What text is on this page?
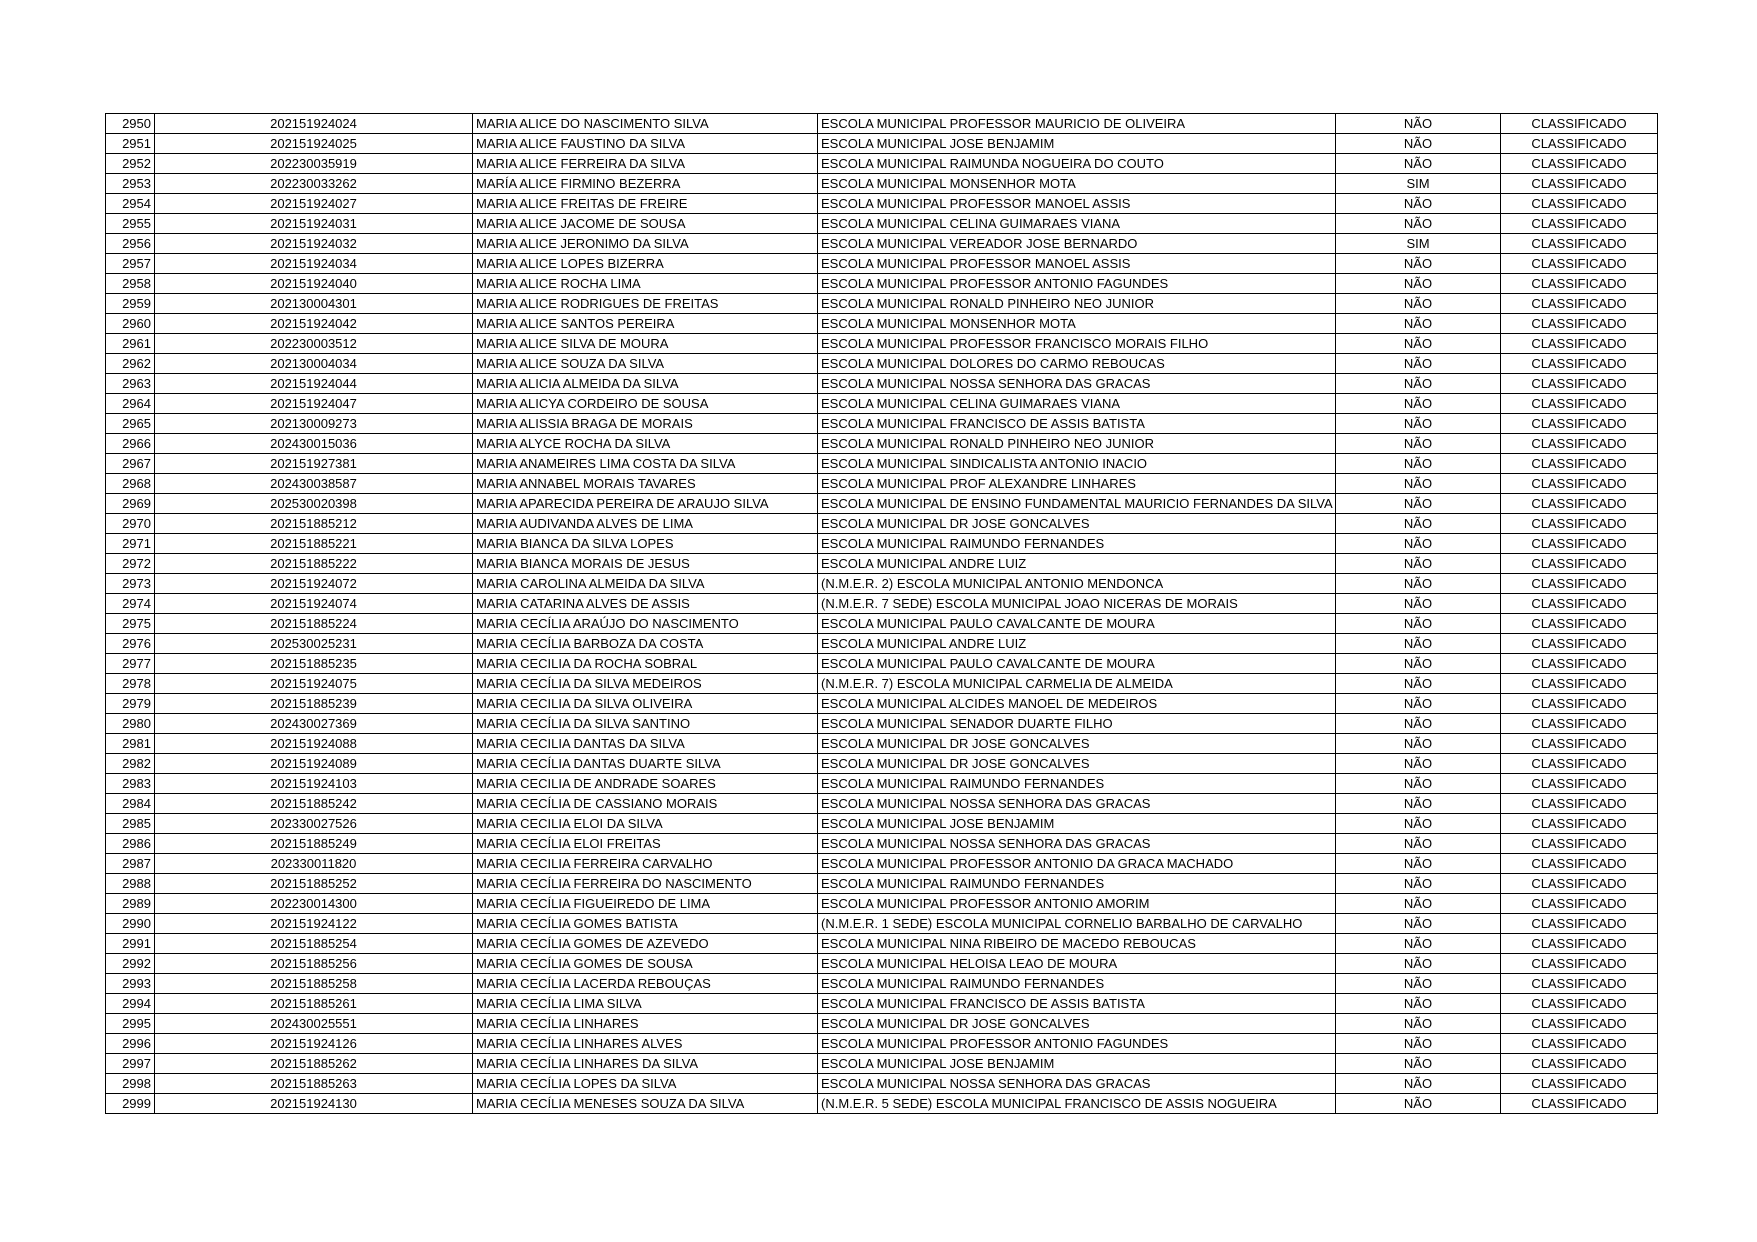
2950	202151924024	MARIA ALICE DO NASCIMENTO SILVA	ESCOLA MUNICIPAL PROFESSOR MAURICIO DE OLIVEIRA	NÃO	CLASSIFICADO
2951	202151924025	MARIA ALICE FAUSTINO DA SILVA	ESCOLA MUNICIPAL JOSE BENJAMIM	NÃO	CLASSIFICADO
2952	202230035919	MARIA ALICE FERREIRA DA SILVA	ESCOLA MUNICIPAL RAIMUNDA NOGUEIRA DO COUTO	NÃO	CLASSIFICADO
2953	202230033262	MARÍA ALICE FIRMINO BEZERRA	ESCOLA MUNICIPAL MONSENHOR MOTA	SIM	CLASSIFICADO
2954	202151924027	MARIA ALICE FREITAS DE FREIRE	ESCOLA MUNICIPAL PROFESSOR MANOEL ASSIS	NÃO	CLASSIFICADO
2955	202151924031	MARIA ALICE JACOME DE SOUSA	ESCOLA MUNICIPAL CELINA GUIMARAES VIANA	NÃO	CLASSIFICADO
2956	202151924032	MARIA ALICE JERONIMO DA SILVA	ESCOLA MUNICIPAL VEREADOR JOSE BERNARDO	SIM	CLASSIFICADO
2957	202151924034	MARIA ALICE LOPES BIZERRA	ESCOLA MUNICIPAL PROFESSOR MANOEL ASSIS	NÃO	CLASSIFICADO
2958	202151924040	MARIA ALICE ROCHA LIMA	ESCOLA MUNICIPAL PROFESSOR ANTONIO FAGUNDES	NÃO	CLASSIFICADO
2959	202130004301	MARIA ALICE RODRIGUES DE FREITAS	ESCOLA MUNICIPAL RONALD PINHEIRO NEO JUNIOR	NÃO	CLASSIFICADO
2960	202151924042	MARIA ALICE SANTOS PEREIRA	ESCOLA MUNICIPAL MONSENHOR MOTA	NÃO	CLASSIFICADO
2961	202230003512	MARIA ALICE SILVA DE MOURA	ESCOLA MUNICIPAL PROFESSOR FRANCISCO MORAIS FILHO	NÃO	CLASSIFICADO
2962	202130004034	MARIA ALICE SOUZA DA SILVA	ESCOLA MUNICIPAL DOLORES DO CARMO REBOUCAS	NÃO	CLASSIFICADO
2963	202151924044	MARIA ALICIA ALMEIDA DA SILVA	ESCOLA MUNICIPAL NOSSA SENHORA DAS GRACAS	NÃO	CLASSIFICADO
2964	202151924047	MARIA ALICYA CORDEIRO DE SOUSA	ESCOLA MUNICIPAL CELINA GUIMARAES VIANA	NÃO	CLASSIFICADO
2965	202130009273	MARIA ALISSIA BRAGA DE MORAIS	ESCOLA MUNICIPAL FRANCISCO DE ASSIS BATISTA	NÃO	CLASSIFICADO
2966	202430015036	MARIA ALYCE ROCHA DA SILVA	ESCOLA MUNICIPAL RONALD PINHEIRO NEO JUNIOR	NÃO	CLASSIFICADO
2967	202151927381	MARIA ANAMEIRES LIMA COSTA DA SILVA	ESCOLA MUNICIPAL SINDICALISTA ANTONIO INACIO	NÃO	CLASSIFICADO
2968	202430038587	MARIA ANNABEL MORAIS TAVARES	ESCOLA MUNICIPAL PROF ALEXANDRE LINHARES	NÃO	CLASSIFICADO
2969	202530020398	MARIA APARECIDA PEREIRA DE ARAUJO SILVA	ESCOLA MUNICIPAL DE ENSINO FUNDAMENTAL MAURICIO FERNANDES DA SILVA	NÃO	CLASSIFICADO
2970	202151885212	MARIA AUDIVANDA ALVES DE LIMA	ESCOLA MUNICIPAL DR JOSE GONCALVES	NÃO	CLASSIFICADO
2971	202151885221	MARIA BIANCA DA SILVA LOPES	ESCOLA MUNICIPAL RAIMUNDO FERNANDES	NÃO	CLASSIFICADO
2972	202151885222	MARIA BIANCA MORAIS DE JESUS	ESCOLA MUNICIPAL ANDRE LUIZ	NÃO	CLASSIFICADO
2973	202151924072	MARIA CAROLINA ALMEIDA DA SILVA	(N.M.E.R. 2) ESCOLA MUNICIPAL ANTONIO MENDONCA	NÃO	CLASSIFICADO
2974	202151924074	MARIA CATARINA ALVES DE ASSIS	(N.M.E.R. 7 SEDE) ESCOLA MUNICIPAL JOAO NICERAS DE MORAIS	NÃO	CLASSIFICADO
2975	202151885224	MARIA CECÍLIA ARAÚJO DO NASCIMENTO	ESCOLA MUNICIPAL PAULO CAVALCANTE DE MOURA	NÃO	CLASSIFICADO
2976	202530025231	MARIA CECÍLIA BARBOZA DA COSTA	ESCOLA MUNICIPAL ANDRE LUIZ	NÃO	CLASSIFICADO
2977	202151885235	MARIA CECILIA DA ROCHA SOBRAL	ESCOLA MUNICIPAL PAULO CAVALCANTE DE MOURA	NÃO	CLASSIFICADO
2978	202151924075	MARIA CECÍLIA DA SILVA MEDEIROS	(N.M.E.R. 7) ESCOLA MUNICIPAL CARMELIA DE ALMEIDA	NÃO	CLASSIFICADO
2979	202151885239	MARIA CECILIA DA SILVA OLIVEIRA	ESCOLA MUNICIPAL ALCIDES MANOEL DE MEDEIROS	NÃO	CLASSIFICADO
2980	202430027369	MARIA CECÍLIA DA SILVA SANTINO	ESCOLA MUNICIPAL SENADOR DUARTE FILHO	NÃO	CLASSIFICADO
2981	202151924088	MARIA CECILIA DANTAS DA SILVA	ESCOLA MUNICIPAL DR JOSE GONCALVES	NÃO	CLASSIFICADO
2982	202151924089	MARIA CECÍLIA DANTAS DUARTE SILVA	ESCOLA MUNICIPAL DR JOSE GONCALVES	NÃO	CLASSIFICADO
2983	202151924103	MARIA CECILIA DE ANDRADE SOARES	ESCOLA MUNICIPAL RAIMUNDO FERNANDES	NÃO	CLASSIFICADO
2984	202151885242	MARIA CECÍLIA DE CASSIANO MORAIS	ESCOLA MUNICIPAL NOSSA SENHORA DAS GRACAS	NÃO	CLASSIFICADO
2985	202330027526	MARIA CECILIA ELOI DA SILVA	ESCOLA MUNICIPAL JOSE BENJAMIM	NÃO	CLASSIFICADO
2986	202151885249	MARIA CECÍLIA ELOI FREITAS	ESCOLA MUNICIPAL NOSSA SENHORA DAS GRACAS	NÃO	CLASSIFICADO
2987	202330011820	MARIA CECILIA FERREIRA CARVALHO	ESCOLA MUNICIPAL PROFESSOR ANTONIO DA GRACA MACHADO	NÃO	CLASSIFICADO
2988	202151885252	MARIA CECÍLIA FERREIRA DO NASCIMENTO	ESCOLA MUNICIPAL RAIMUNDO FERNANDES	NÃO	CLASSIFICADO
2989	202230014300	MARIA CECÍLIA FIGUEIREDO DE LIMA	ESCOLA MUNICIPAL PROFESSOR ANTONIO AMORIM	NÃO	CLASSIFICADO
2990	202151924122	MARIA CECÍLIA GOMES BATISTA	(N.M.E.R. 1 SEDE) ESCOLA MUNICIPAL CORNELIO BARBALHO DE CARVALHO	NÃO	CLASSIFICADO
2991	202151885254	MARIA CECÍLIA GOMES DE AZEVEDO	ESCOLA MUNICIPAL NINA RIBEIRO DE MACEDO REBOUCAS	NÃO	CLASSIFICADO
2992	202151885256	MARIA CECÍLIA GOMES DE SOUSA	ESCOLA MUNICIPAL HELOISA LEAO DE MOURA	NÃO	CLASSIFICADO
2993	202151885258	MARIA CECÍLIA LACERDA REBOUÇAS	ESCOLA MUNICIPAL RAIMUNDO FERNANDES	NÃO	CLASSIFICADO
2994	202151885261	MARIA CECÍLIA LIMA SILVA	ESCOLA MUNICIPAL FRANCISCO DE ASSIS BATISTA	NÃO	CLASSIFICADO
2995	202430025551	MARIA CECÍLIA LINHARES	ESCOLA MUNICIPAL DR JOSE GONCALVES	NÃO	CLASSIFICADO
2996	202151924126	MARIA CECÍLIA LINHARES ALVES	ESCOLA MUNICIPAL PROFESSOR ANTONIO FAGUNDES	NÃO	CLASSIFICADO
2997	202151885262	MARIA CECÍLIA LINHARES DA SILVA	ESCOLA MUNICIPAL JOSE BENJAMIM	NÃO	CLASSIFICADO
2998	202151885263	MARIA CECÍLIA LOPES DA SILVA	ESCOLA MUNICIPAL NOSSA SENHORA DAS GRACAS	NÃO	CLASSIFICADO
2999	202151924130	MARIA CECÍLIA MENESES SOUZA DA SILVA	(N.M.E.R. 5 SEDE) ESCOLA MUNICIPAL FRANCISCO DE ASSIS NOGUEIRA	NÃO	CLASSIFICADO
